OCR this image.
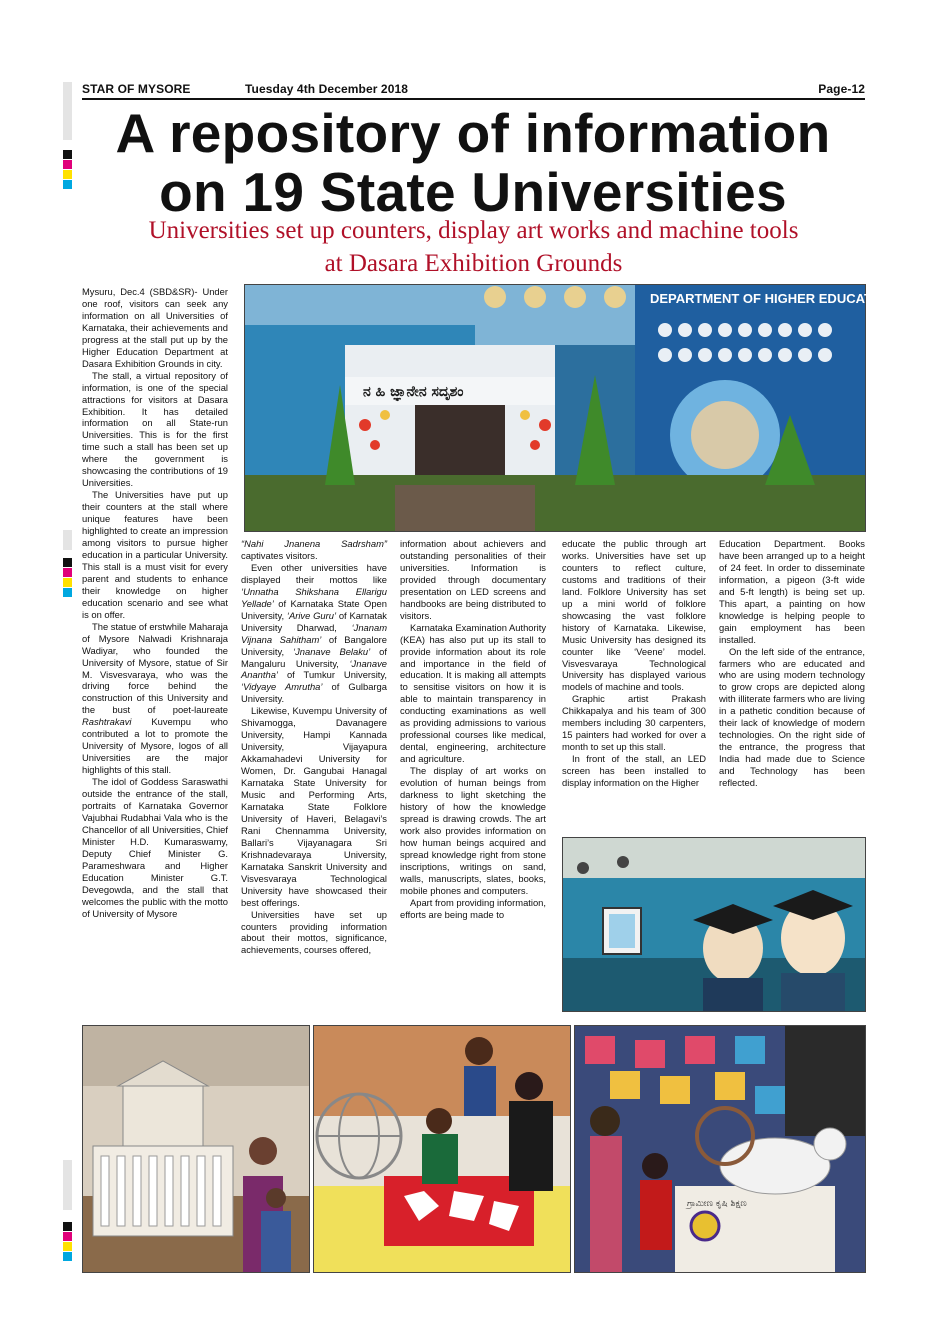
STAR OF MYSORE	Tuesday 4th December 2018	Page-12
A repository of information
on 19 State Universities
Universities set up counters, display art works and machine tools
at Dasara Exhibition Grounds
DEPARTMENT OF HIGHER EDUCATION
ನ ಹಿ ಜ್ಞಾನೇನ ಸದೃಶಂ

Mysuru, Dec.4 (SBD&SR)- Under one roof, visitors can seek any information on all Universities of Karnataka, their achievements and progress at the stall put up by the Higher Education Department at Dasara Exhibition Grounds in city.

The stall, a virtual repository of information, is one of the special attractions for visitors at Dasara Exhibition. It has detailed information on all State-run Universities. This is for the first time such a stall has been set up where the government is showcasing the contributions of 19 Universities.

The Universities have put up their counters at the stall where unique features have been highlighted to create an impression among visitors to pursue higher education in a particular University. This stall is a must visit for every parent and students to enhance their knowledge on higher education scenario and see what is on offer.

The statue of erstwhile Maharaja of Mysore Nalwadi Krishnaraja Wadiyar, who founded the University of Mysore, statue of Sir M. Visvesvaraya, who was the driving force behind the construction of this University and the bust of poet-laureate Rashtrakavi Kuvempu who contributed a lot to promote the University of Mysore, logos of all Universities are the major highlights of this stall.

The idol of Goddess Saraswathi outside the entrance of the stall, portraits of Karnataka Governor Vajubhai Rudabhai Vala who is the Chancellor of all Universities, Chief Minister H.D. Kumaraswamy, Deputy Chief Minister G. Parameshwara and Higher Education Minister G.T. Devegowda, and the stall that welcomes the public with the motto of University of Mysore

“Nahi Jnanena Sadrsham” captivates visitors.

Even other universities have displayed their mottos like ‘Unnatha Shikshana Ellarigu Yellade’ of Karnataka State Open University, ‘Arive Guru’ of Karnatak University Dharwad, ‘Jnanam Vijnana Sahitham’ of Bangalore University, ‘Jnanave Belaku’ of Mangaluru University, ‘Jnanave Anantha’ of Tumkur University, ‘Vidyaye Amrutha’ of Gulbarga University.

Likewise, Kuvempu University of Shivamogga, Davanagere University, Hampi Kannada University, Vijayapura Akkamahadevi University for Women, Dr. Gangubai Hanagal Karnataka State University for Music and Performing Arts, Karnataka State Folklore University of Haveri, Belagavi’s Rani Chennamma University, Ballari’s Vijayanagara Sri Krishnadevaraya University, Karnataka Sanskrit University and Visvesvaraya Technological University have showcased their best offerings.

Universities have set up counters providing information about their mottos, significance, achievements, courses offered,

information about achievers and outstanding personalities of their universities. Information is provided through documentary presentation on LED screens and handbooks are being distributed to visitors.

Karnataka Examination Authority (KEA) has also put up its stall to provide information about its role and importance in the field of education. It is making all attempts to sensitise visitors on how it is able to maintain transparency in conducting examinations as well as providing admissions to various professional courses like medical, dental, engineering, architecture and agriculture.

The display of art works on evolution of human beings from darkness to light sketching the history of how the knowledge spread is drawing crowds. The art work also provides information on how human beings acquired and spread knowledge right from stone inscriptions, writings on sand, walls, manuscripts, slates, books, mobile phones and computers.

Apart from providing information, efforts are being made to

educate the public through art works. Universities have set up counters to reflect culture, customs and traditions of their land. Folklore University has set up a mini world of folklore showcasing the vast folklore history of Karnataka. Likewise, Music University has designed its counter like ‘Veene’ model. Visvesvaraya Technological University has displayed various models of machine and tools.

Graphic artist Prakash Chikkapalya and his team of 300 members including 30 carpenters, 15 painters had worked for over a month to set up this stall.

In front of the stall, an LED screen has been installed to display information on the Higher

Education Department. Books have been arranged up to a height of 24 feet. In order to disseminate information, a pigeon (3-ft wide and 5-ft length) is being set up. This apart, a painting on how knowledge is helping people to gain employment has been installed.

On the left side of the entrance, farmers who are educated and who are using modern technology to grow crops are depicted along with illiterate farmers who are living in a pathetic condition because of their lack of knowledge of modern technologies. On the right side of the entrance, the progress that India had made due to Science and Technology has been reflected.

ಗ್ರಾಮೀಣ ಕೃಷಿ ಶಿಕ್ಷಣ
